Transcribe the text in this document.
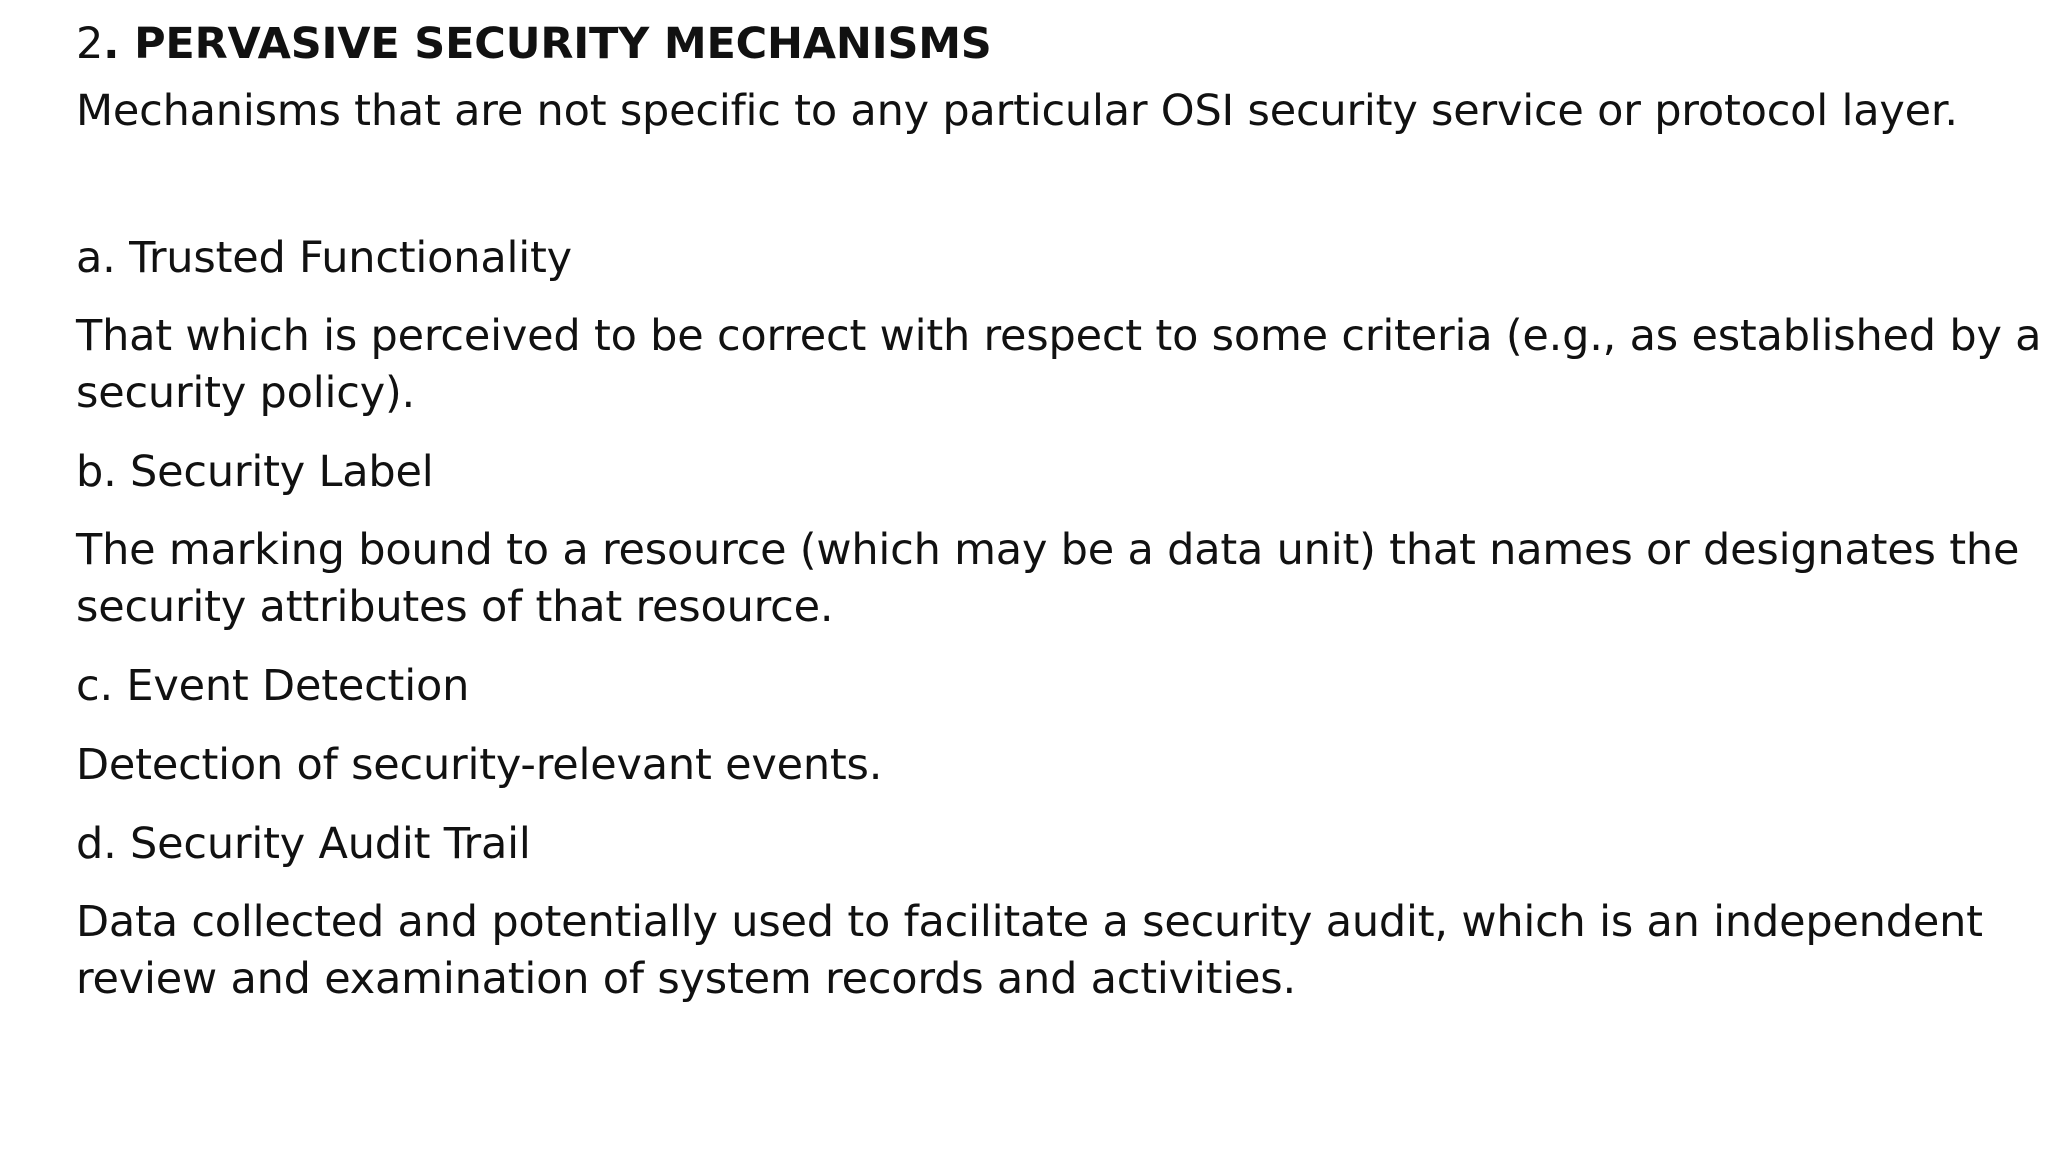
2. PERVASIVE SECURITY MECHANISMS
Mechanisms that are not specific to any particular OSI security service or protocol layer.
a. Trusted Functionality
That which is perceived to be correct with respect to some criteria (e.g., as established by a
security policy).
b. Security Label
The marking bound to a resource (which may be a data unit) that names or designates the
security attributes of that resource.
c. Event Detection
Detection of security-relevant events.
d. Security Audit Trail
Data collected and potentially used to facilitate a security audit, which is an independent
review and examination of system records and activities.
